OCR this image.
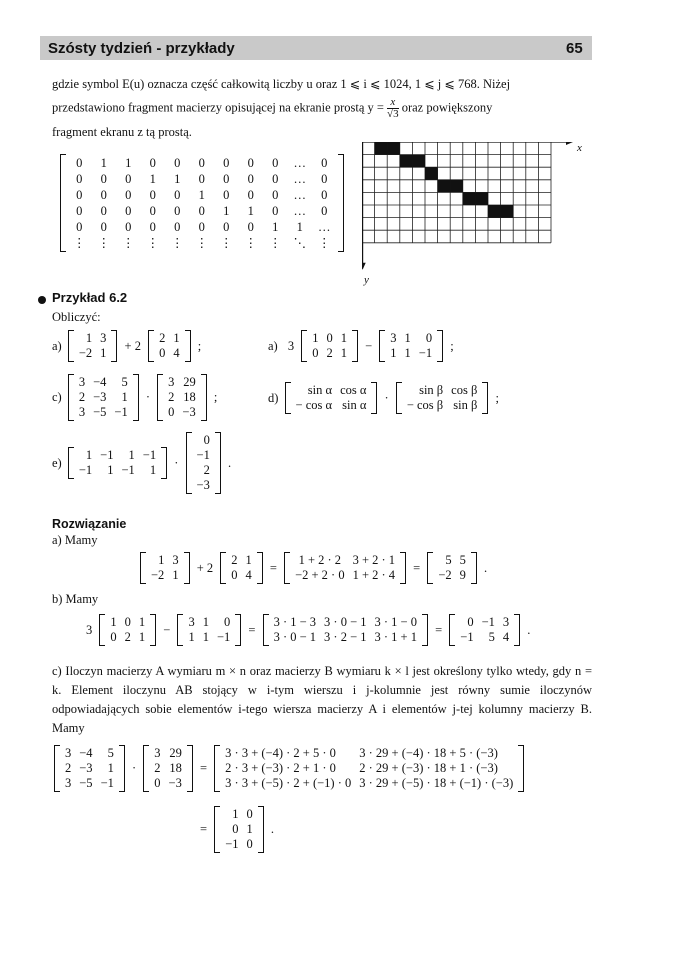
Szósty tydzień - przykłady	65
gdzie symbol E(u) oznacza część całkowitą liczby u oraz 1 ⩽ i ⩽ 1024, 1 ⩽ j ⩽ 768. Niżej
przedstawiono fragment macierzy opisującej na ekranie prostą $y = \frac{x}{√3}$ oraz powiększony
fragment ekranu z tą prostą.
0	1	1	0	0	0	0	0	0	…	0
0	0	0	1	1	0	0	0	0	…	0
0	0	0	0	0	1	0	0	0	…	0
0	0	0	0	0	0	1	1	0	…	0
0	0	0	0	0	0	0	0	1	1	…
⋮	⋮	⋮	⋮	⋮	⋮	⋮	⋮	⋮	⋱	⋮
x
y
Przykład 6.2
Obliczyć:
a)
1	3
−2	1
+ 2
2	1
0	4
;	a) 3
1	0	1
0	2	1
−
3	1	0
1	1	−1
;
c)
3	−4	5
2	−3	1
3	−5	−1
·
3	29
2	18
0	−3
;	d)
sin α	cos α
− cos α	sin α
·
sin β	cos β
− cos β	sin β
;
e)
1	−1	1	−1
−1	1	−1	1
·
0
−1
2
−3
.
Rozwiązanie
a) Mamy
1	3
−2	1
+ 2
2	1
0	4
=
1 + 2 · 2	3 + 2 · 1
−2 + 2 · 0	1 + 2 · 4
=
5	5
−2	9
.
b) Mamy
3
1	0	1
0	2	1
−
3	1	0
1	1	−1
=
3 · 1 − 3	3 · 0 − 1	3 · 1 − 0
3 · 0 − 1	3 · 2 − 1	3 · 1 + 1
=
0	−1	3
−1	5	4
.
c) Iloczyn macierzy A wymiaru m × n oraz macierzy B wymiaru k × l jest określony tylko wtedy, gdy n = k. Element iloczynu AB stojący w i-tym wierszu i j-kolumnie jest równy sumie iloczynów odpowiadających sobie elementów i-tego wiersza macierzy A i elementów j-tej kolumny macierzy B. Mamy
3	−4	5
2	−3	1
3	−5	−1
·
3	29
2	18
0	−3
=
3 · 3 + (−4) · 2 + 5 · 0	3 · 29 + (−4) · 18 + 5 · (−3)
2 · 3 + (−3) · 2 + 1 · 0	2 · 29 + (−3) · 18 + 1 · (−3)
3 · 3 + (−5) · 2 + (−1) · 0	3 · 29 + (−5) · 18 + (−1) · (−3)
=
1	0
0	1
−1	0
.
